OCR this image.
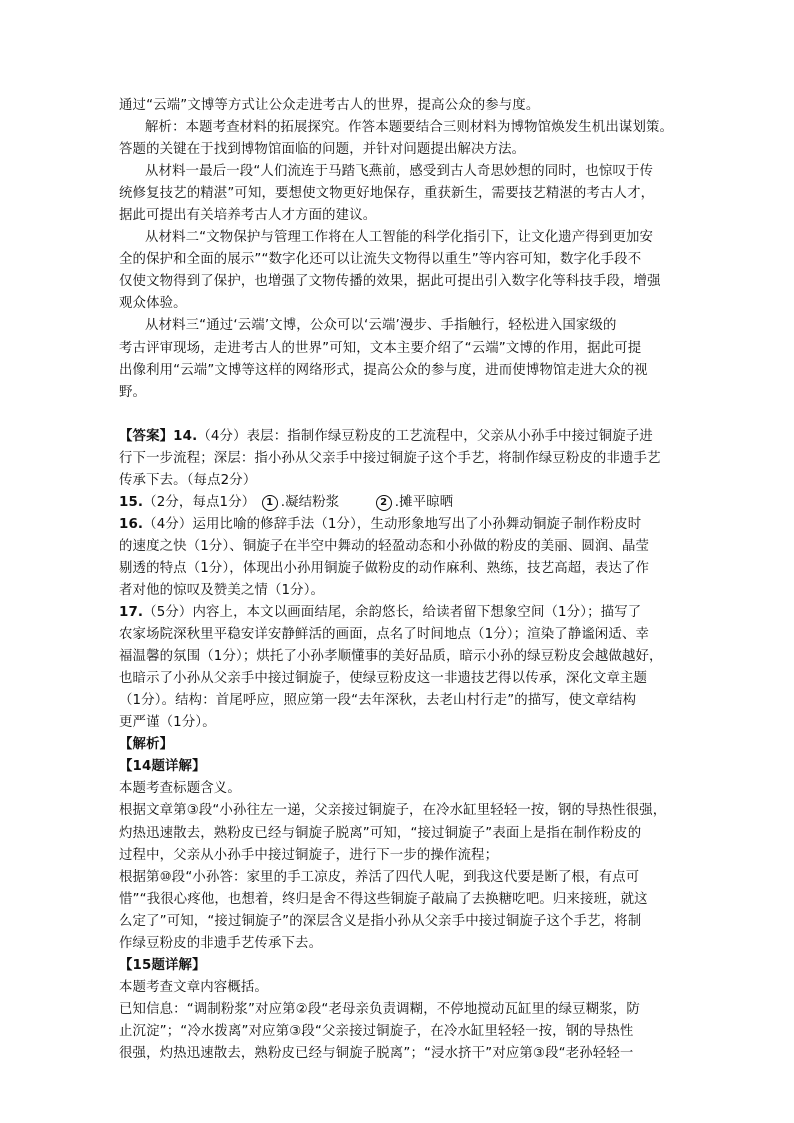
通过“云端”文博等方式让公众走进考古人的世界，提高公众的参与度。
解析：本题考查材料的拓展探究。作答本题要结合三则材料为博物馆焕发生机出谋划策。
答题的关键在于找到博物馆面临的问题，并针对问题提出解决方法。
从材料一最后一段“人们流连于马踏飞燕前，感受到古人奇思妙想的同时，也惊叹于传
统修复技艺的精湛”可知，要想使文物更好地保存，重获新生，需要技艺精湛的考古人才，
据此可提出有关培养考古人才方面的建议。
从材料二“文物保护与管理工作将在人工智能的科学化指引下，让文化遗产得到更加安
全的保护和全面的展示”“数字化还可以让流失文物得以重生”等内容可知，数字化手段不
仅使文物得到了保护，也增强了文物传播的效果，据此可提出引入数字化等科技手段，增强
观众体验。
从材料三“通过‘云端’文博，公众可以‘云端’漫步、手指触行，轻松进入国家级的
考古评审现场，走进考古人的世界”可知，文本主要介绍了“云端”文博的作用，据此可提
出像利用“云端”文博等这样的网络形式，提高公众的参与度，进而使博物馆走进大众的视
野。
【答案】14.（4分）表层：指制作绿豆粉皮的工艺流程中，父亲从小孙手中接过铜旋子进
行下一步流程；深层：指小孙从父亲手中接过铜旋子这个手艺，将制作绿豆粉皮的非遗手艺
传承下去。（每点2分）
15.（2分，每点1分） 1 .凝结粉浆	2 .摊平晾晒
16.（4分）运用比喻的修辞手法（1分），生动形象地写出了小孙舞动铜旋子制作粉皮时
的速度之快（1分）、铜旋子在半空中舞动的轻盈动态和小孙做的粉皮的美丽、圆润、晶莹
剔透的特点（1分），体现出小孙用铜旋子做粉皮的动作麻利、熟练，技艺高超，表达了作
者对他的惊叹及赞美之情（1分）。
17.（5分）内容上，本文以画面结尾，余韵悠长，给读者留下想象空间（1分）；描写了
农家场院深秋里平稳安详安静鲜活的画面，点名了时间地点（1分）；渲染了静谧闲适、幸
福温馨的氛围（1分）；烘托了小孙孝顺懂事的美好品质，暗示小孙的绿豆粉皮会越做越好，
也暗示了小孙从父亲手中接过铜旋子，使绿豆粉皮这一非遗技艺得以传承，深化文章主题
（1分）。结构：首尾呼应，照应第一段“去年深秋，去老山村行走”的描写，使文章结构
更严谨（1分）。
【解析】
【14题详解】
本题考查标题含义。
根据文章第③段“小孙往左一递，父亲接过铜旋子，在冷水缸里轻轻一按，钢的导热性很强，
灼热迅速散去，熟粉皮已经与铜旋子脱离”可知，“接过铜旋子”表面上是指在制作粉皮的
过程中，父亲从小孙手中接过铜旋子，进行下一步的操作流程；
根据第⑩段“小孙答：家里的手工凉皮，养活了四代人呢，到我这代要是断了根，有点可
惜”“我很心疼他，也想着，终归是舍不得这些铜旋子敲扁了去换糖吃吧。归来接班，就这
么定了”可知，“接过铜旋子”的深层含义是指小孙从父亲手中接过铜旋子这个手艺，将制
作绿豆粉皮的非遗手艺传承下去。
【15题详解】
本题考查文章内容概括。
已知信息：“调制粉浆”对应第②段“老母亲负责调糊，不停地搅动瓦缸里的绿豆糊浆，防
止沉淀”；“冷水拨离”对应第③段“父亲接过铜旋子，在冷水缸里轻轻一按，钢的导热性
很强，灼热迅速散去，熟粉皮已经与铜旋子脱离”；“浸水挤干”对应第③段“老孙轻轻一
